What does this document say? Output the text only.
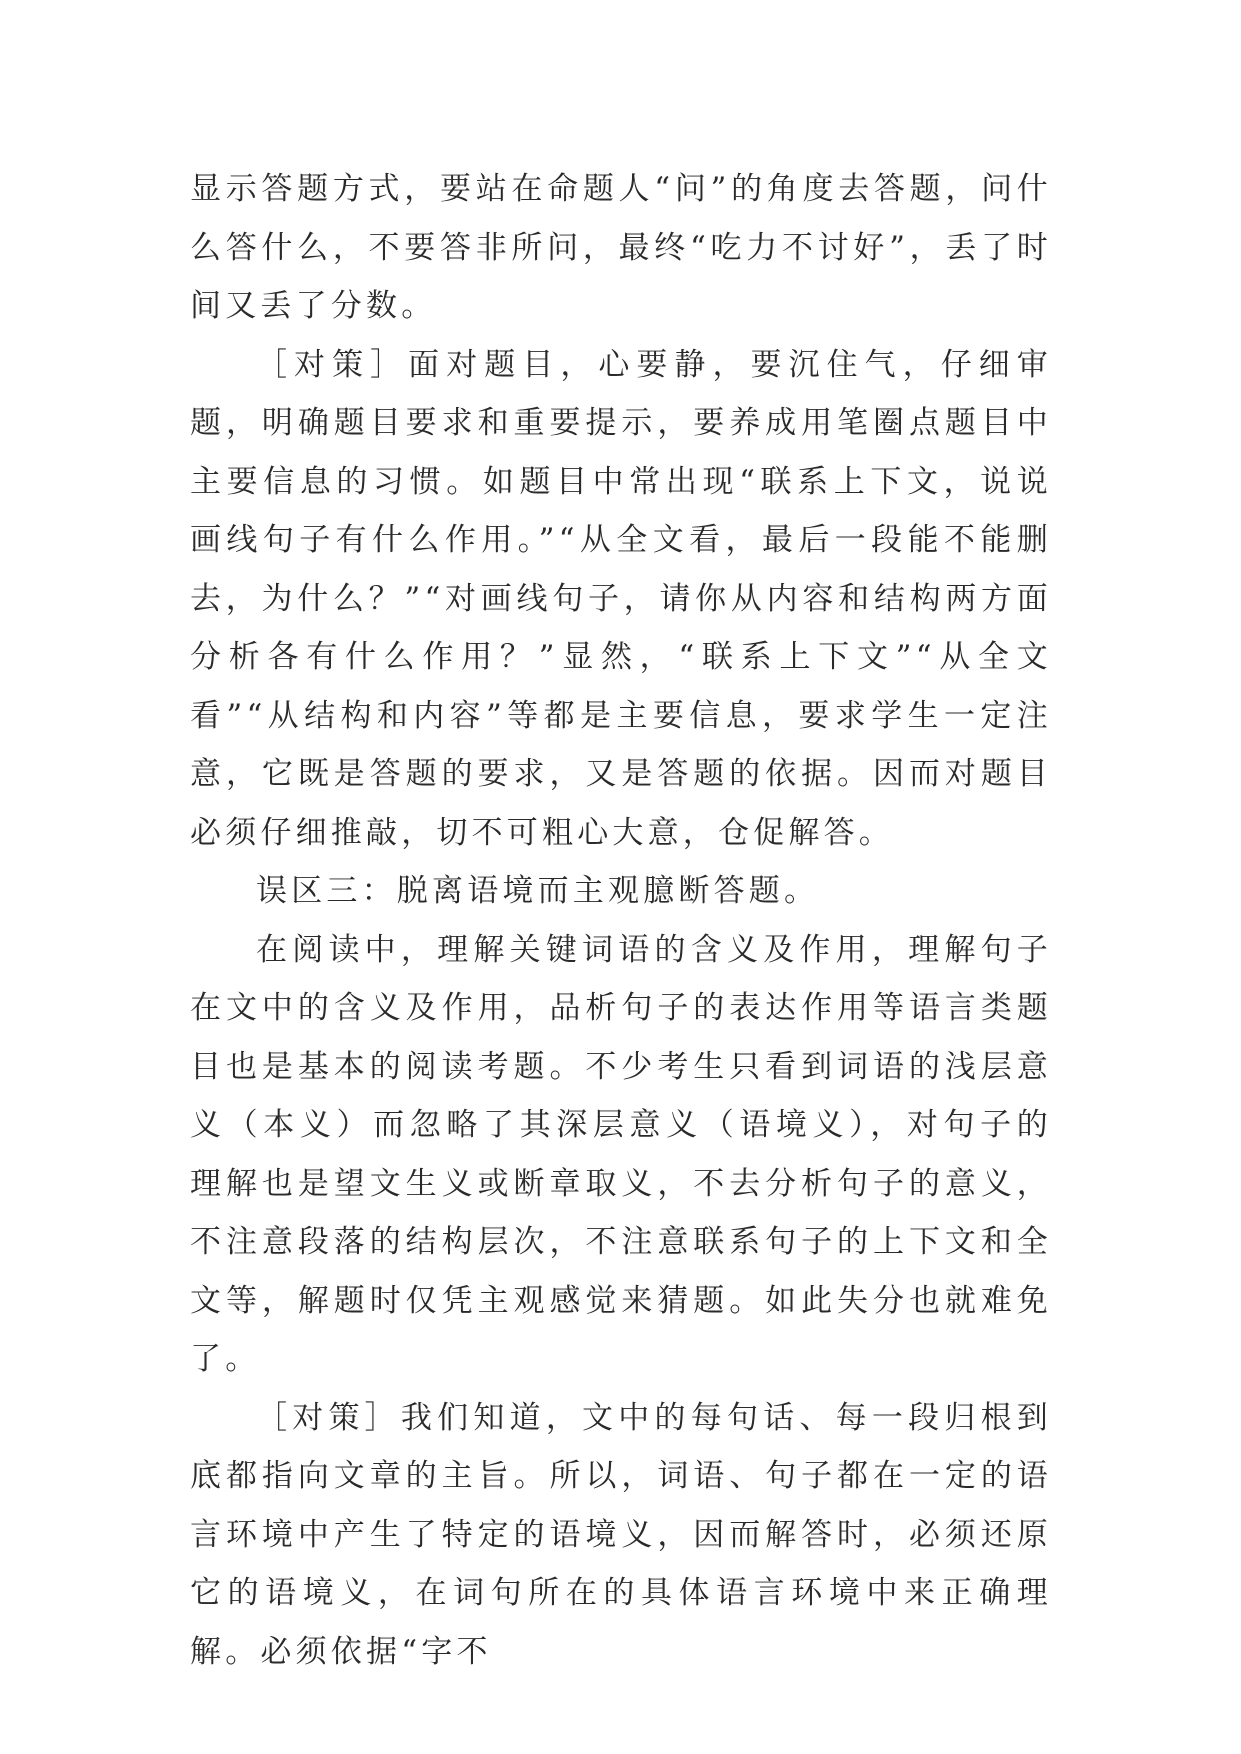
显示答题方式，要站在命题人“问”的角度去答题，问什么答什么，不要答非所问，最终“吃力不讨好”，丢了时间又丢了分数。

［对策］面对题目，心要静，要沉住气，仔细审题，明确题目要求和重要提示，要养成用笔圈点题目中主要信息的习惯。如题目中常出现“联系上下文，说说画线句子有什么作用。”“从全文看，最后一段能不能删去，为什么？”“对画线句子，请你从内容和结构两方面分析各有什么作用？”显然，“联系上下文”“从全文看”“从结构和内容”等都是主要信息，要求学生一定注意，它既是答题的要求，又是答题的依据。因而对题目必须仔细推敲，切不可粗心大意，仓促解答。

误区三：脱离语境而主观臆断答题。

在阅读中，理解关键词语的含义及作用，理解句子在文中的含义及作用，品析句子的表达作用等语言类题目也是基本的阅读考题。不少考生只看到词语的浅层意义（本义）而忽略了其深层意义（语境义），对句子的理解也是望文生义或断章取义，不去分析句子的意义，不注意段落的结构层次，不注意联系句子的上下文和全文等，解题时仅凭主观感觉来猜题。如此失分也就难免了。

［对策］我们知道，文中的每句话、每一段归根到底都指向文章的主旨。所以，词语、句子都在一定的语言环境中产生了特定的语境义，因而解答时，必须还原它的语境义，在词句所在的具体语言环境中来正确理解。必须依据“字不
